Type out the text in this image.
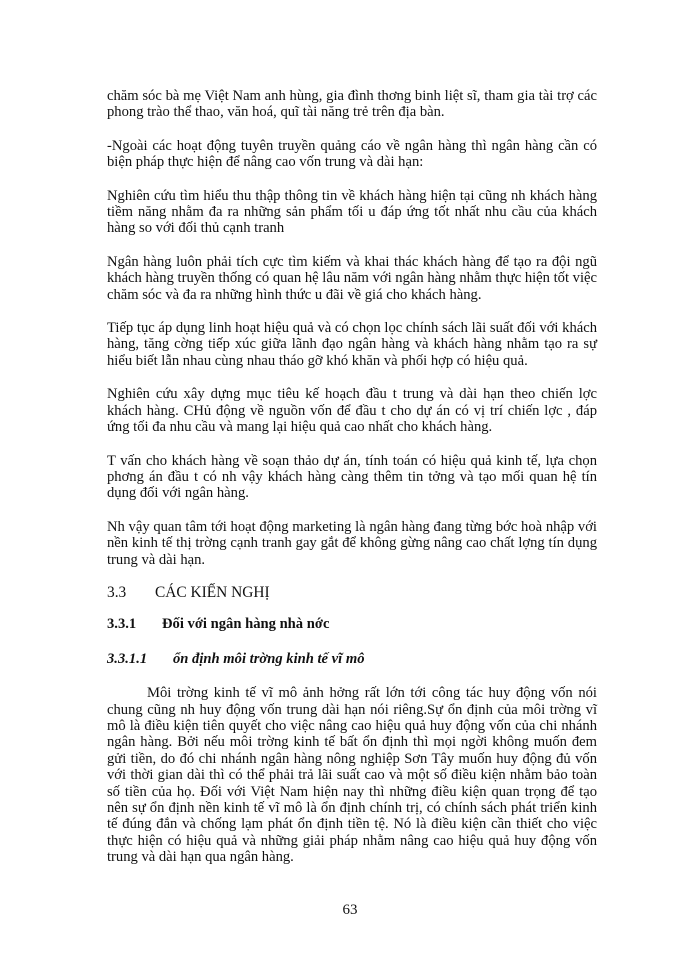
chăm sóc bà mẹ Việt Nam anh hùng, gia đình thơng binh liệt sĩ, tham gia tài trợ các phong trào thể thao, văn hoá, quĩ tài năng trẻ trên địa bàn.

-Ngoài các hoạt động tuyên truyền quảng cáo về ngân hàng thì ngân hàng cần có biện pháp thực hiện để nâng cao vốn trung và dài hạn:

Nghiên cứu tìm hiểu thu thập thông tin về khách hàng hiện tại cũng nh khách hàng tiềm năng nhằm đa ra những sản phẩm tối u đáp ứng tốt nhất nhu cầu của khách hàng so với đối thủ cạnh tranh

Ngân hàng luôn phải tích cực tìm kiếm và khai thác khách hàng để tạo ra đội ngũ khách hàng truyền thống có quan hệ lâu năm với ngân hàng nhằm thực hiện tốt việc chăm sóc và đa ra những hình thức u đãi về giá cho khách hàng.

Tiếp tục áp dụng linh hoạt hiệu quả và có chọn lọc chính sách lãi suất đối với khách hàng, tăng cờng tiếp xúc giữa lãnh đạo ngân hàng và khách hàng nhằm tạo ra sự hiểu biết lẫn nhau cùng nhau tháo gỡ khó khăn và phối hợp có hiệu quả.

Nghiên cứu xây dựng mục tiêu kế hoạch đầu t trung và dài hạn theo chiến lợc khách hàng. CHủ động về nguồn vốn để đầu t cho dự án có vị trí chiến lợc , đáp ứng tối đa nhu cầu và mang lại hiệu quả cao nhất cho khách hàng.

T vấn cho khách hàng về soạn thảo dự án, tính toán có hiệu quả kinh tế, lựa chọn phơng án đầu t có nh vậy khách hàng càng thêm tin tởng và tạo mối quan hệ tín dụng đối với ngân hàng.

Nh vậy quan tâm tới hoạt động marketing là ngân hàng đang từng bớc hoà nhập với nền kinh tế thị trờng cạnh tranh gay gắt để không gừng nâng cao chất lợng tín dụng trung và dài hạn.

3.3	CÁC KIẾN NGHỊ
3.3.1	Đối với ngân hàng nhà nớc
3.3.1.1	ổn định môi trờng kinh tế vĩ mô

Môi trờng kinh tế vĩ mô ảnh hởng rất lớn tới công tác huy động vốn nói chung cũng nh huy động vốn trung dài hạn nói riêng.Sự ổn định của môi trờng vĩ mô là điều kiện tiên quyết cho việc nâng cao hiệu quả huy động vốn của chi nhánh ngân hàng. Bởi nếu môi trờng kinh tế bất ổn định thì mọi ngời không muốn đem gửi tiền, do đó chi nhánh ngân hàng nông nghiệp Sơn Tây muốn huy động đủ vốn với thời gian dài thì có thể phải trả lãi suất cao và một số điều kiện nhằm bảo toàn số tiền của họ. Đối với Việt Nam hiện nay thì những điều kiện quan trọng để tạo nên sự ổn định nền kinh tế vĩ mô là ổn định chính trị, có chính sách phát triển kinh tế đúng đắn và chống lạm phát ổn định tiền tệ. Nó là điều kiện cần thiết cho việc thực hiện có hiệu quả và những giải pháp nhằm nâng cao hiệu quả huy động vốn trung và dài hạn qua ngân hàng.

63
